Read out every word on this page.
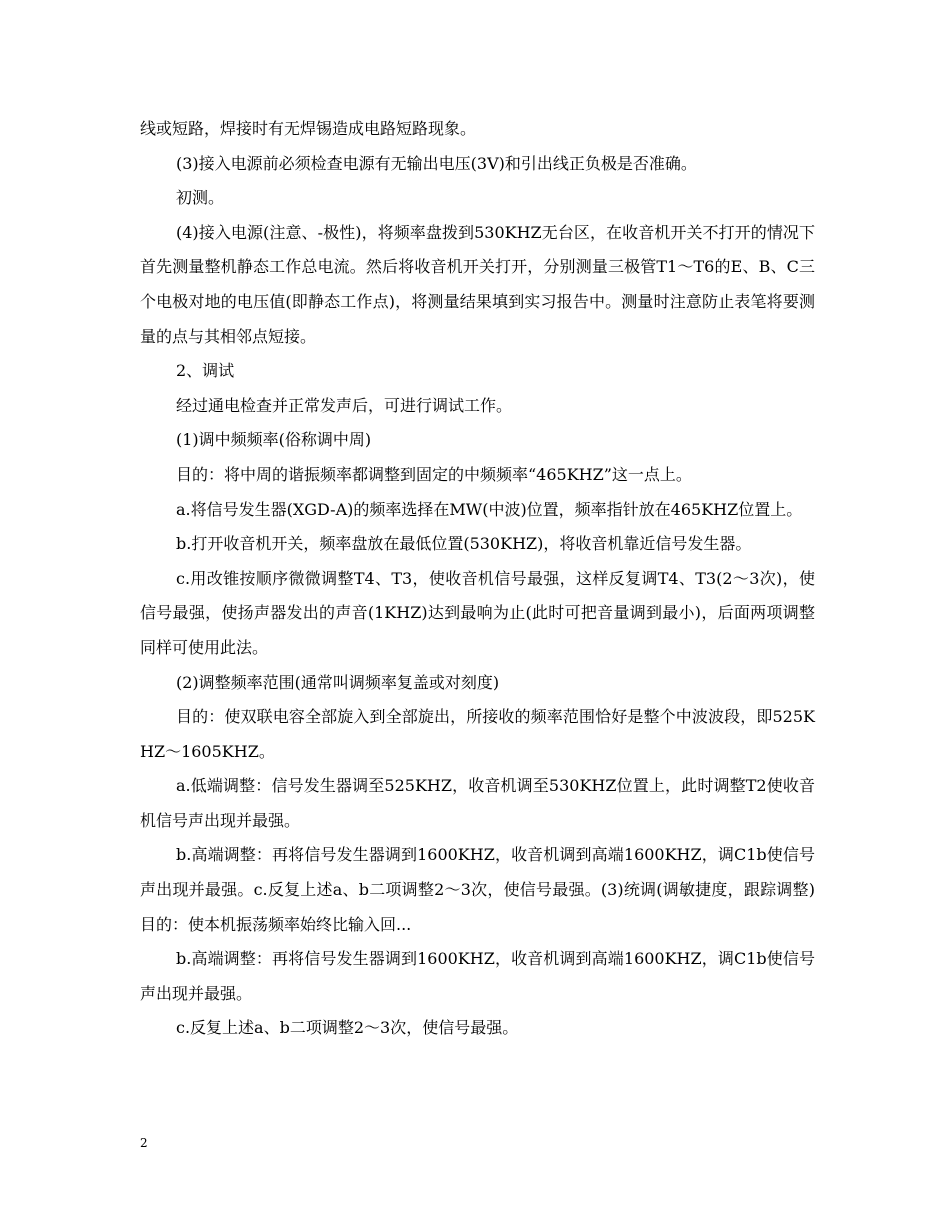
线或短路，焊接时有无焊锡造成电路短路现象。

(3)接入电源前必须检查电源有无输出电压(3V)和引出线正负极是否准确。

初测。

(4)接入电源(注意、-极性)，将频率盘拨到530KHZ无台区，在收音机开关不打开的情况下首先测量整机静态工作总电流。然后将收音机开关打开，分别测量三极管T1～T6的E、B、C三个电极对地的电压值(即静态工作点)，将测量结果填到实习报告中。测量时注意防止表笔将要测量的点与其相邻点短接。

2、调试

经过通电检查并正常发声后，可进行调试工作。

(1)调中频频率(俗称调中周)

目的：将中周的谐振频率都调整到固定的中频频率“465KHZ”这一点上。

a.将信号发生器(XGD-A)的频率选择在MW(中波)位置，频率指针放在465KHZ位置上。

b.打开收音机开关，频率盘放在最低位置(530KHZ)，将收音机靠近信号发生器。

c.用改锥按顺序微微调整T4、T3，使收音机信号最强，这样反复调T4、T3(2～3次)，使信号最强，使扬声器发出的声音(1KHZ)达到最响为止(此时可把音量调到最小)，后面两项调整同样可使用此法。

(2)调整频率范围(通常叫调频率复盖或对刻度)

目的：使双联电容全部旋入到全部旋出，所接收的频率范围恰好是整个中波波段，即525KHZ～1605KHZ。

a.低端调整：信号发生器调至525KHZ，收音机调至530KHZ位置上，此时调整T2使收音机信号声出现并最强。

b.高端调整：再将信号发生器调到1600KHZ，收音机调到高端1600KHZ，调C1b使信号声出现并最强。c.反复上述a、b二项调整2～3次，使信号最强。(3)统调(调敏捷度，跟踪调整)目的：使本机振荡频率始终比输入回...

b.高端调整：再将信号发生器调到1600KHZ，收音机调到高端1600KHZ，调C1b使信号声出现并最强。

c.反复上述a、b二项调整2～3次，使信号最强。

2
